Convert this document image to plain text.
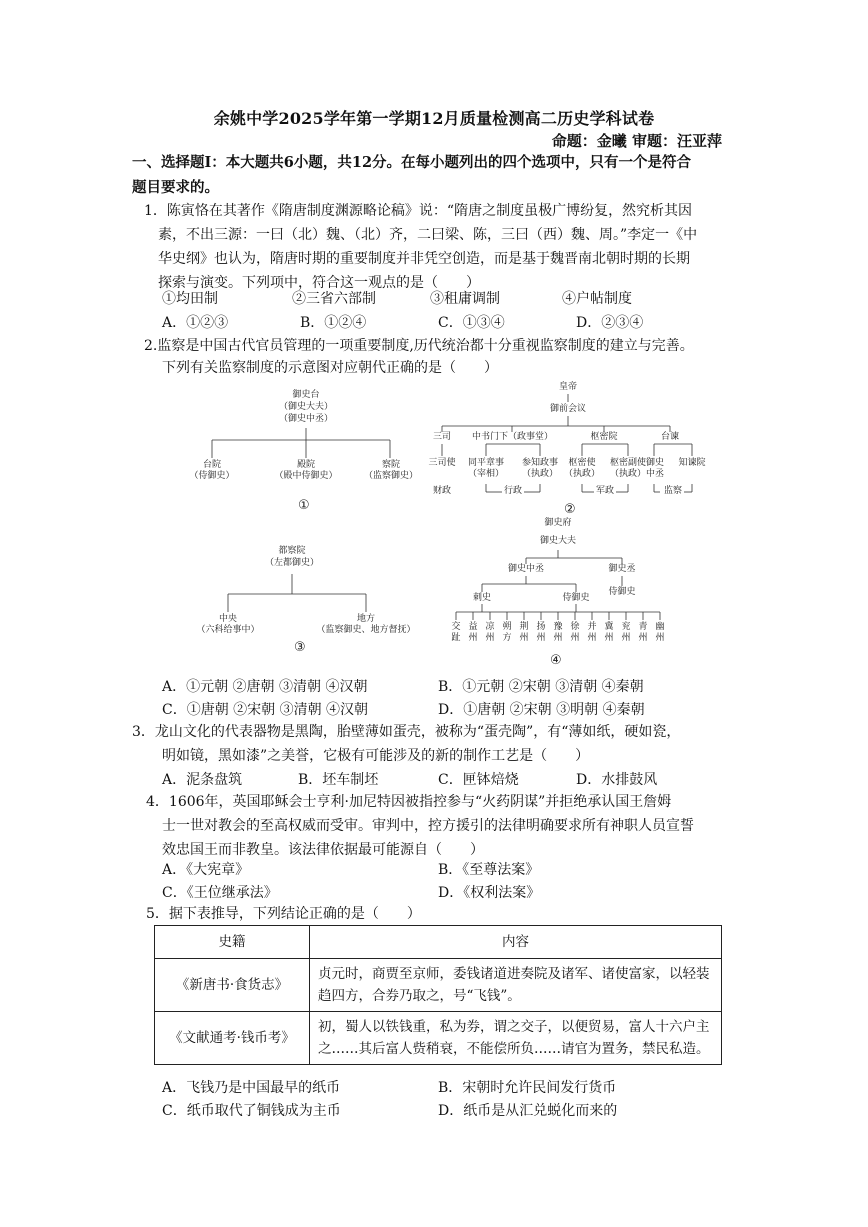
余姚中学2025学年第一学期12月质量检测高二历史学科试卷
命题：金曦 审题：汪亚萍
一、选择题Ⅰ：本大题共6小题，共12分。在每小题列出的四个选项中，只有一个是符合
题目要求的。
1．陈寅恪在其著作《隋唐制度渊源略论稿》说：“隋唐之制度虽极广博纷复，然究析其因
素，不出三源：一曰（北）魏、（北）齐，二曰梁、陈，三曰（西）魏、周。”李定一《中
华史纲》也认为，隋唐时期的重要制度并非凭空创造，而是基于魏晋南北朝时期的长期
探索与演变。下列项中，符合这一观点的是（　　）
①均田制	②三省六部制	③租庸调制	④户帖制度
A．①②③	B．①②④	C．①③④	D．②③④
2.监察是中国古代官员管理的一项重要制度,历代统治都十分重视监察制度的建立与完善。
下列有关监察制度的示意图对应朝代正确的是（　　）
御史台
（御史大夫）
（御史中丞）
台院
（侍御史）
殿院
（殿中侍御史）
察院
（监察御史）
①
皇帝
御前会议
三司	中书门下（政事堂）	枢密院	台谏
三司使	同平章事
（宰相）
参知政事
（执政）
枢密使
（执政）
枢密副使
（执政）
御史
中丞
知谏院
财政	行政	军政	监察
②
都察院
（左都御史）
中央
（六科给事中）
地方
（监察御史、地方督抚）
③
御史府
御史大夫
御史中丞	御史丞
刺史	侍御史
侍御史
交趾
益州
凉州
朔方
荆州
扬州
豫州
徐州
并州
冀州
兖州
青州
幽州
④
A．①元朝 ②唐朝 ③清朝 ④汉朝	B．①元朝 ②宋朝 ③清朝 ④秦朝
C．①唐朝 ②宋朝 ③清朝 ④汉朝	D．①唐朝 ②宋朝 ③明朝 ④秦朝
3．龙山文化的代表器物是黑陶，胎壁薄如蛋壳，被称为“蛋壳陶”，有“薄如纸，硬如瓷，
明如镜，黑如漆”之美誉，它极有可能涉及的新的制作工艺是（　　）
A．泥条盘筑	B．坯车制坯	C．匣钵焙烧	D．水排鼓风
4．1606年，英国耶稣会士亨利·加尼特因被指控参与“火药阴谋”并拒绝承认国王詹姆
士一世对教会的至高权威而受审。审判中，控方援引的法律明确要求所有神职人员宣誓
效忠国王而非教皇。该法律依据最可能源自（　　）
A．《大宪章》	B．《至尊法案》
C．《王位继承法》	D．《权利法案》
5．据下表推导，下列结论正确的是（　　）
史籍	内容
《新唐书·食货志》	贞元时，商贾至京师，委钱诸道进奏院及诸军、诸使富家，以轻装趋四方，合券乃取之，号“飞钱”。
《文献通考·钱币考》	初，蜀人以铁钱重，私为券，谓之交子，以便贸易，富人十六户主之……其后富人赀稍衰，不能偿所负……请官为置务，禁民私造。
A．飞钱乃是中国最早的纸币	B．宋朝时允许民间发行货币
C．纸币取代了铜钱成为主币	D．纸币是从汇兑蜕化而来的
